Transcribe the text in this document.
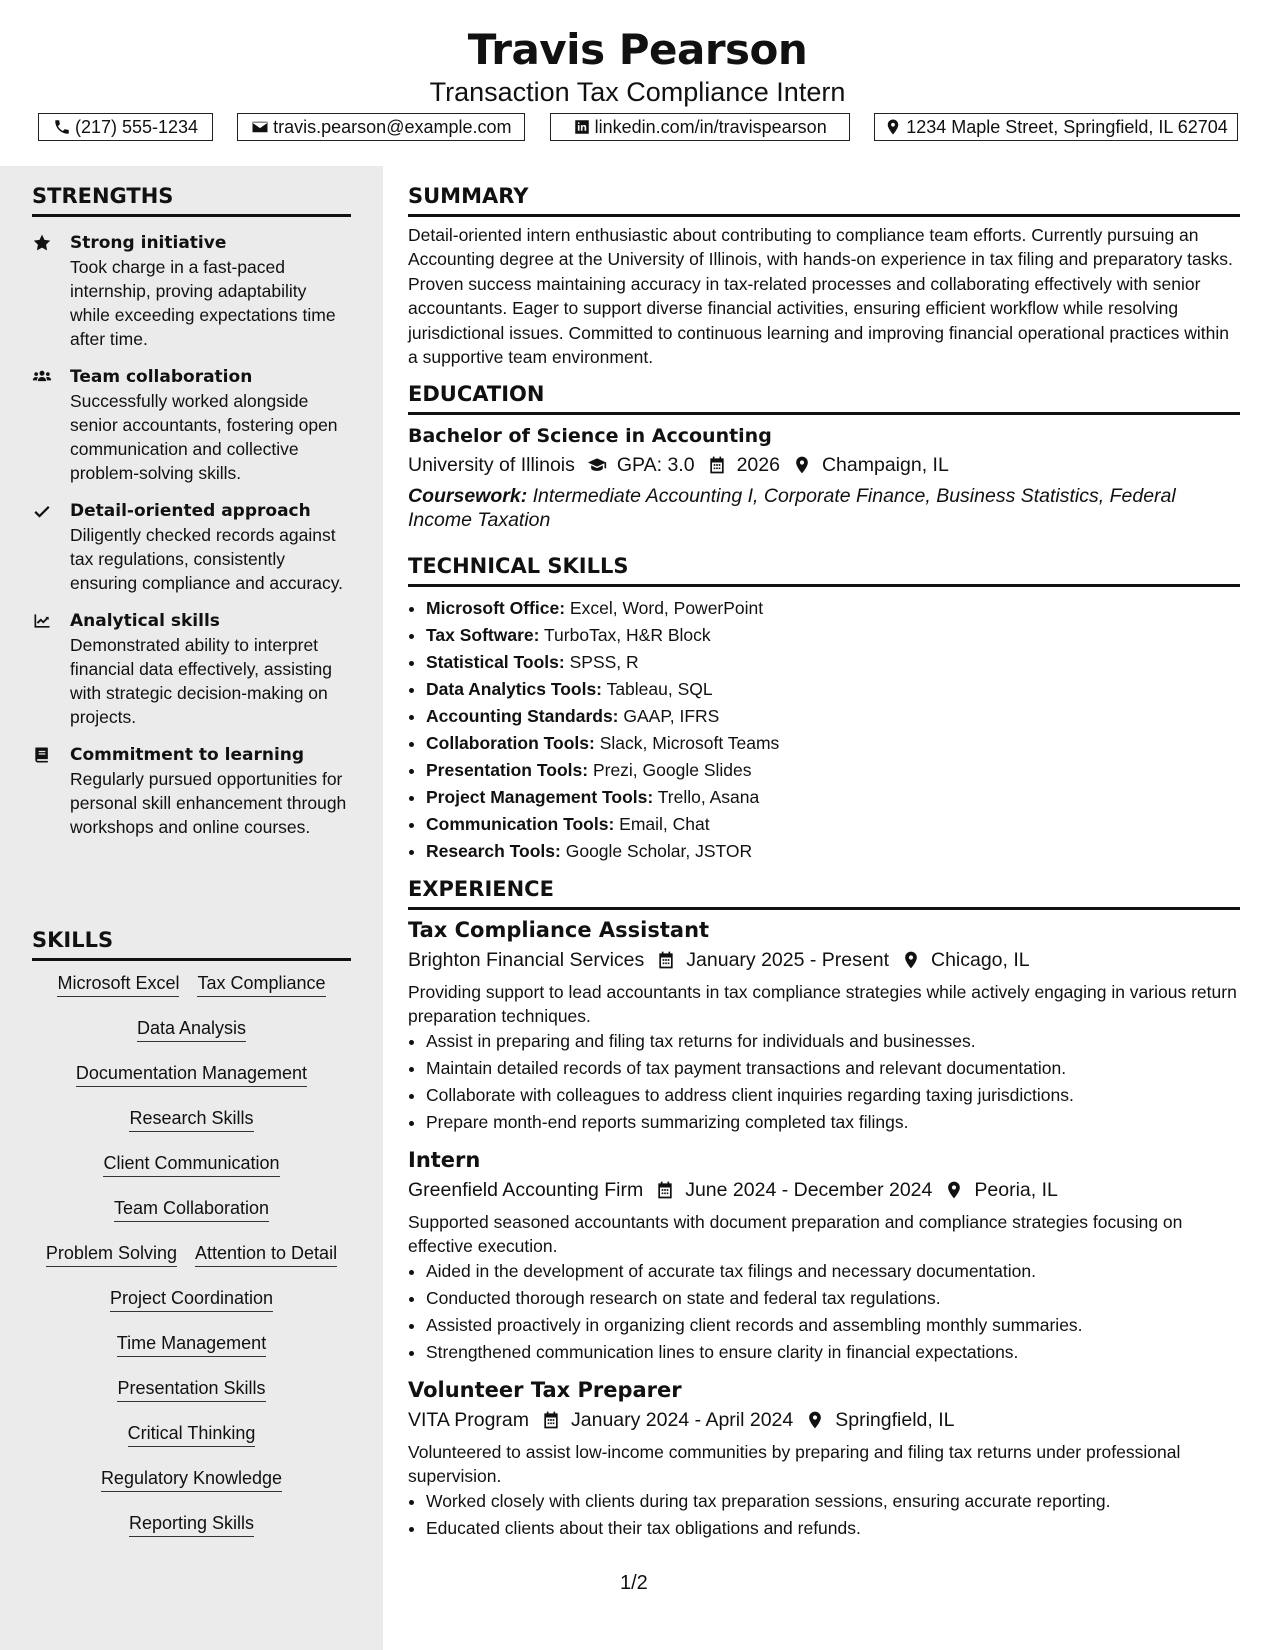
Travis Pearson
Transaction Tax Compliance Intern
(217) 555-1234	travis.pearson@example.com	linkedin.com/in/travispearson	1234 Maple Street, Springfield, IL 62704
STRENGTHS
Strong initiative
Took charge in a fast-paced internship, proving adaptability while exceeding expectations time after time.
Team collaboration
Successfully worked alongside senior accountants, fostering open communication and collective problem-solving skills.
Detail-oriented approach
Diligently checked records against tax regulations, consistently ensuring compliance and accuracy.
Analytical skills
Demonstrated ability to interpret financial data effectively, assisting with strategic decision-making on projects.
Commitment to learning
Regularly pursued opportunities for personal skill enhancement through workshops and online courses.
SKILLS
Microsoft Excel Tax Compliance
Data Analysis
Documentation Management
Research Skills
Client Communication
Team Collaboration
Problem Solving Attention to Detail
Project Coordination
Time Management
Presentation Skills
Critical Thinking
Regulatory Knowledge
Reporting Skills
SUMMARY
Detail-oriented intern enthusiastic about contributing to compliance team efforts. Currently pursuing an Accounting degree at the University of Illinois, with hands-on experience in tax filing and preparatory tasks. Proven success maintaining accuracy in tax-related processes and collaborating effectively with senior accountants. Eager to support diverse financial activities, ensuring efficient workflow while resolving jurisdictional issues. Committed to continuous learning and improving financial operational practices within a supportive team environment.
EDUCATION
Bachelor of Science in Accounting
University of Illinois GPA: 3.0 2026 Champaign, IL
Coursework: Intermediate Accounting I, Corporate Finance, Business Statistics, Federal Income Taxation
TECHNICAL SKILLS
• Microsoft Office: Excel, Word, PowerPoint
• Tax Software: TurboTax, H&R Block
• Statistical Tools: SPSS, R
• Data Analytics Tools: Tableau, SQL
• Accounting Standards: GAAP, IFRS
• Collaboration Tools: Slack, Microsoft Teams
• Presentation Tools: Prezi, Google Slides
• Project Management Tools: Trello, Asana
• Communication Tools: Email, Chat
• Research Tools: Google Scholar, JSTOR
EXPERIENCE
Tax Compliance Assistant
Brighton Financial Services January 2025 - Present Chicago, IL
Providing support to lead accountants in tax compliance strategies while actively engaging in various return preparation techniques.
• Assist in preparing and filing tax returns for individuals and businesses.
• Maintain detailed records of tax payment transactions and relevant documentation.
• Collaborate with colleagues to address client inquiries regarding taxing jurisdictions.
• Prepare month-end reports summarizing completed tax filings.
Intern
Greenfield Accounting Firm June 2024 - December 2024 Peoria, IL
Supported seasoned accountants with document preparation and compliance strategies focusing on effective execution.
• Aided in the development of accurate tax filings and necessary documentation.
• Conducted thorough research on state and federal tax regulations.
• Assisted proactively in organizing client records and assembling monthly summaries.
• Strengthened communication lines to ensure clarity in financial expectations.
Volunteer Tax Preparer
VITA Program January 2024 - April 2024 Springfield, IL
Volunteered to assist low-income communities by preparing and filing tax returns under professional supervision.
• Worked closely with clients during tax preparation sessions, ensuring accurate reporting.
• Educated clients about their tax obligations and refunds.
1/2
